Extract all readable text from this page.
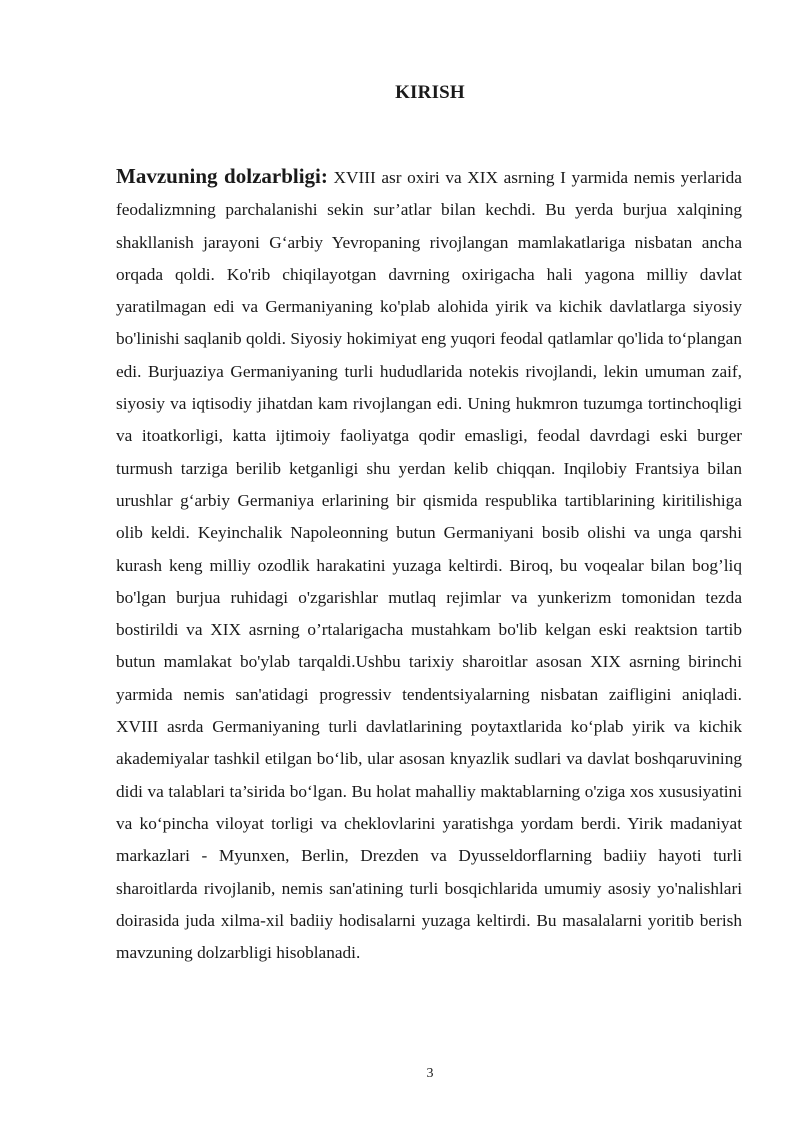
KIRISH
Mavzuning dolzarbligi: XVIII asr oxiri va XIX asrning I yarmida nemis yerlarida feodalizmning parchalanishi sekin sur’atlar bilan kechdi. Bu yerda burjua xalqining shakllanish jarayoni G‘arbiy Yevropaning rivojlangan mamlakatlariga nisbatan ancha orqada qoldi. Ko'rib chiqilayotgan davrning oxirigacha hali yagona milliy davlat yaratilmagan edi va Germaniyaning ko'plab alohida yirik va kichik davlatlarga siyosiy bo'linishi saqlanib qoldi. Siyosiy hokimiyat eng yuqori feodal qatlamlar qo'lida to‘plangan edi. Burjuaziya Germaniyaning turli hududlarida notekis rivojlandi, lekin umuman zaif, siyosiy va iqtisodiy jihatdan kam rivojlangan edi. Uning hukmron tuzumga tortinchoqligi va itoatkorligi, katta ijtimoiy faoliyatga qodir emasligi, feodal davrdagi eski burger turmush tarziga berilib ketganligi shu yerdan kelib chiqqan. Inqilobiy Frantsiya bilan urushlar g‘arbiy Germaniya erlarining bir qismida respublika tartiblarining kiritilishiga olib keldi. Keyinchalik Napoleonning butun Germaniyani bosib olishi va unga qarshi kurash keng milliy ozodlik harakatini yuzaga keltirdi. Biroq, bu voqealar bilan bog’liq bo'lgan burjua ruhidagi o'zgarishlar mutlaq rejimlar va yunkerizm tomonidan tezda bostirildi va XIX asrning o’rtalarigacha mustahkam bo'lib kelgan eski reaktsion tartib butun mamlakat bo'ylab tarqaldi.Ushbu tarixiy sharoitlar asosan XIX asrning birinchi yarmida nemis san'atidagi progressiv tendentsiyalarning nisbatan zaifligini aniqladi. XVIII asrda Germaniyaning turli davlatlarining poytaxtlarida ko‘plab yirik va kichik akademiyalar tashkil etilgan bo‘lib, ular asosan knyazlik sudlari va davlat boshqaruvining didi va talablari ta’sirida bo‘lgan. Bu holat mahalliy maktablarning o'ziga xos xususiyatini va ko‘pincha viloyat torligi va cheklovlarini yaratishga yordam berdi. Yirik madaniyat markazlari - Myunxen, Berlin, Drezden va Dyusseldorflarning badiiy hayoti turli sharoitlarda rivojlanib, nemis san'atining turli bosqichlarida umumiy asosiy yo'nalishlari doirasida juda xilma-xil badiiy hodisalarni yuzaga keltirdi. Bu masalalarni yoritib berish mavzuning dolzarbligi hisoblanadi.
3
